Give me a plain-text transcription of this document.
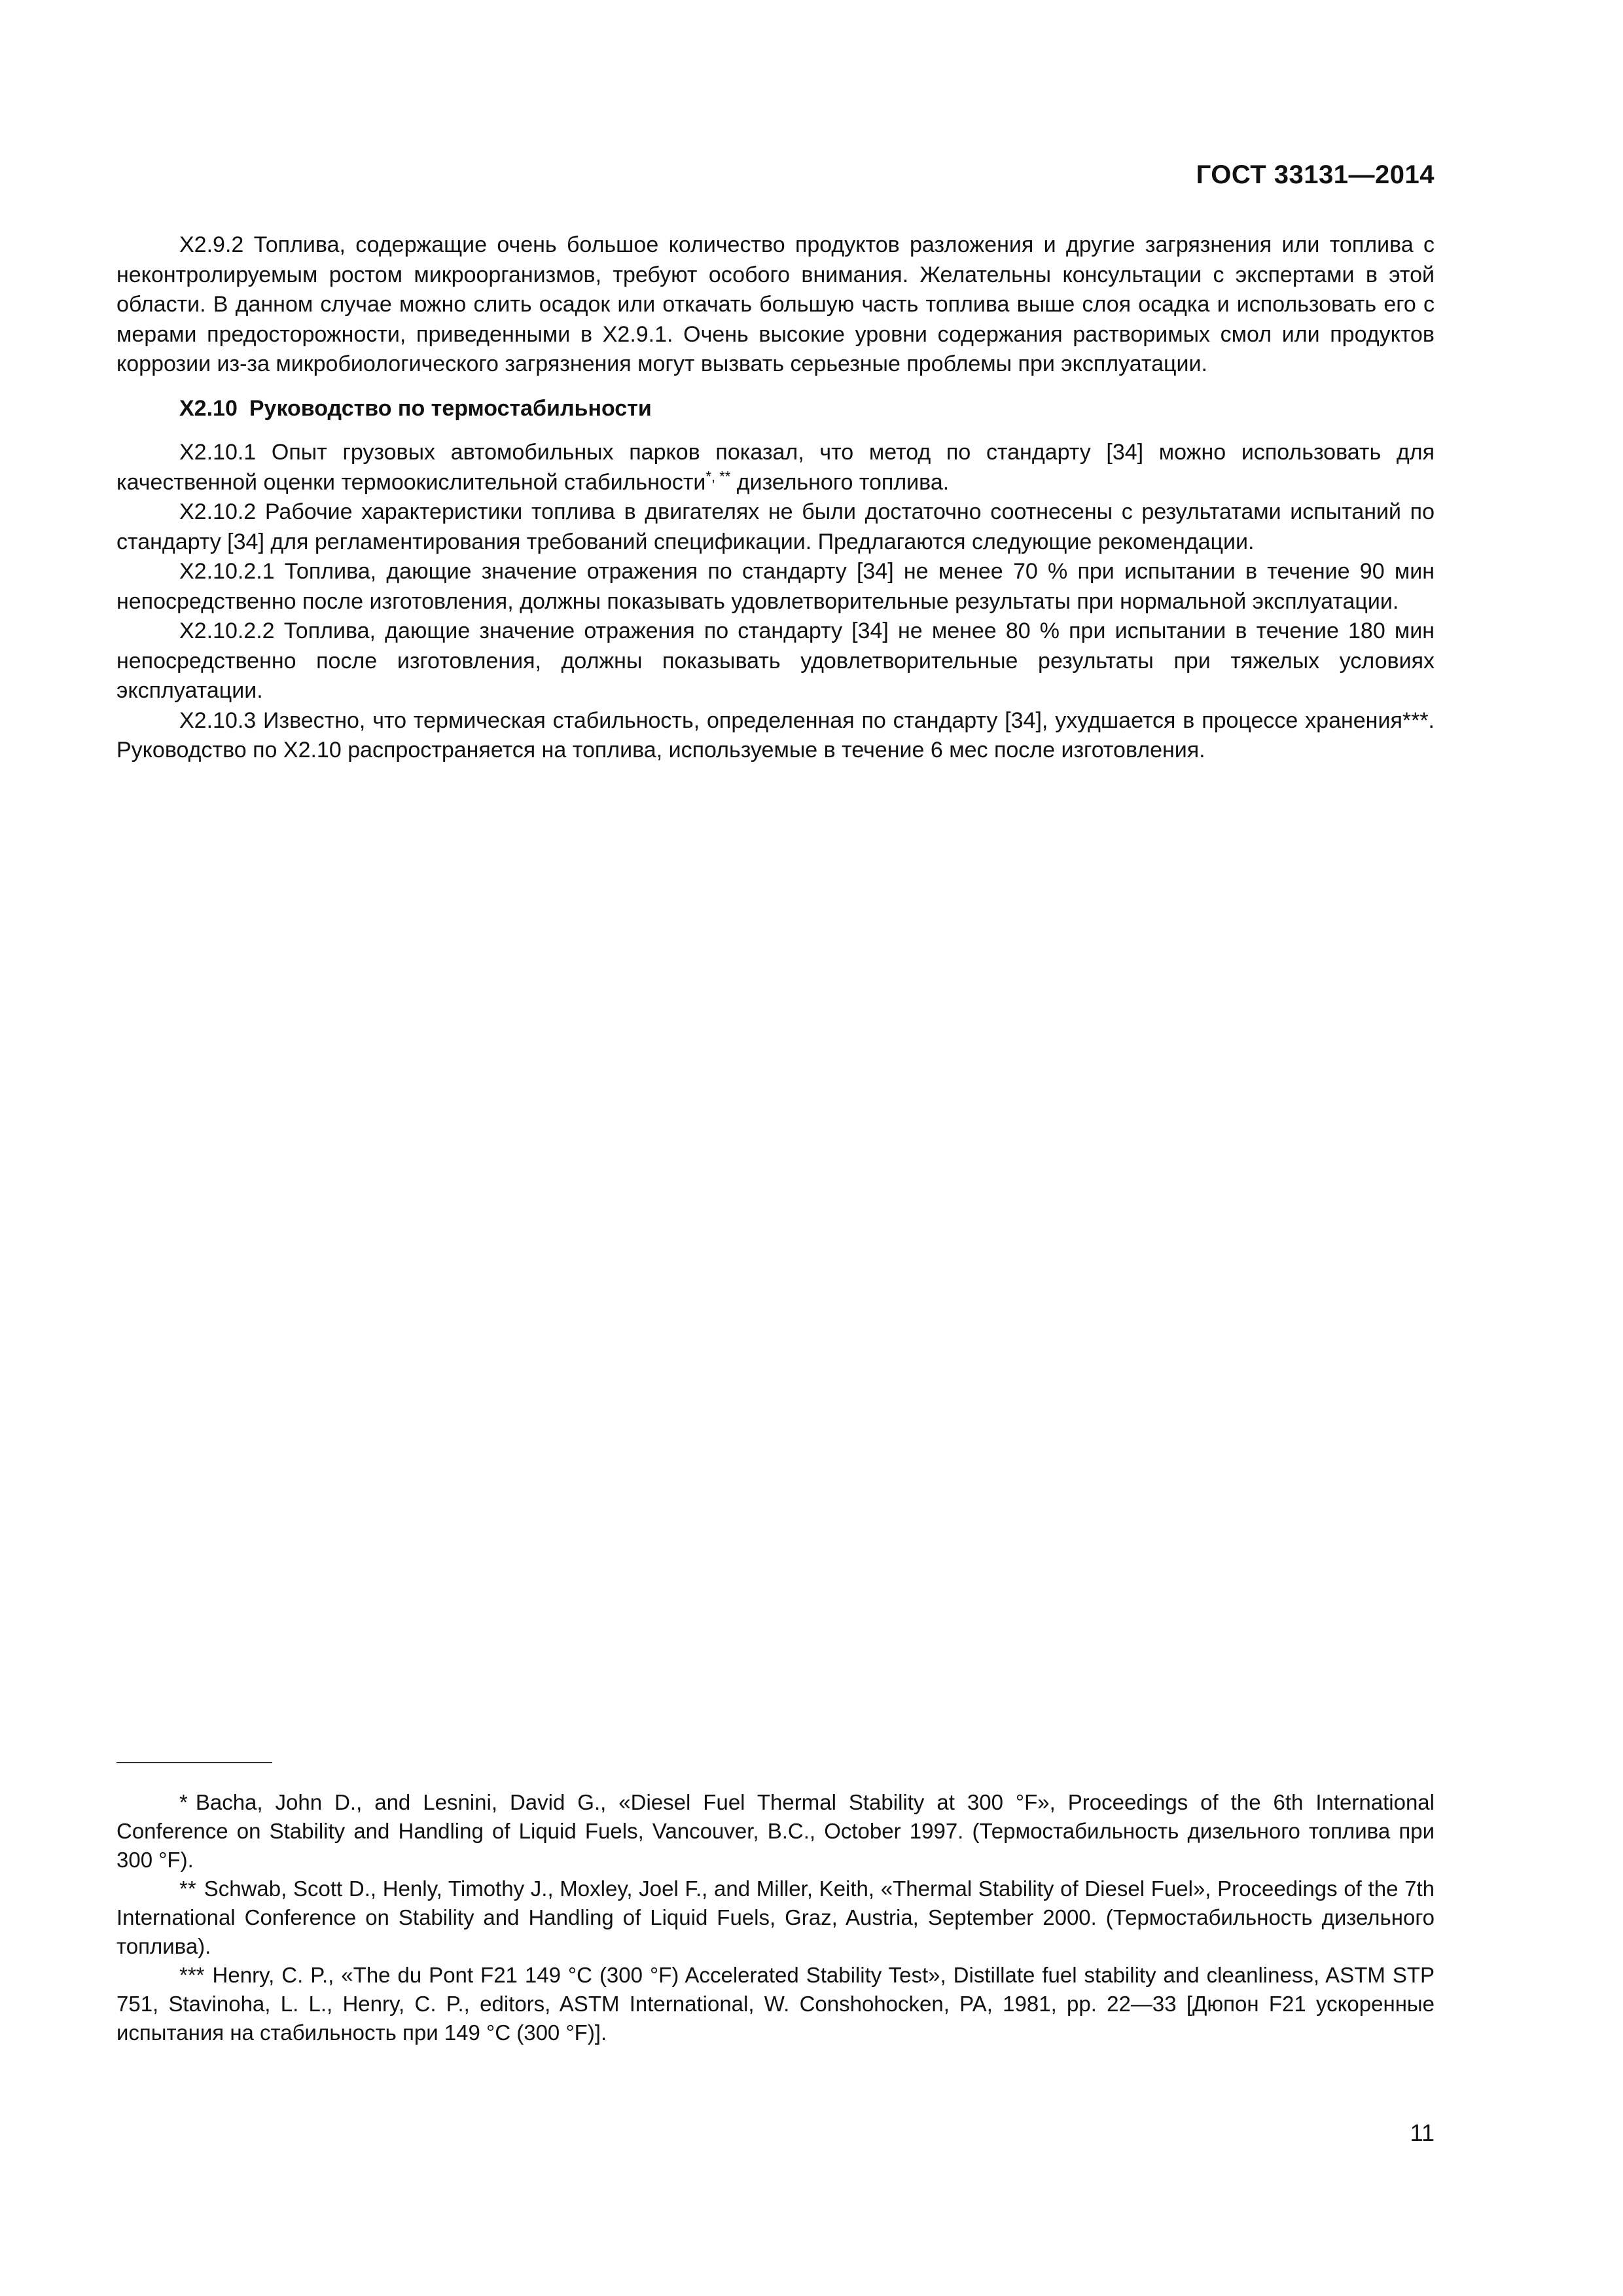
ГОСТ 33131—2014

X2.9.2 Топлива, содержащие очень большое количество продуктов разложения и другие загрязнения или топлива с неконтролируемым ростом микроорганизмов, требуют особого внимания. Желательны консультации с экспертами в этой области. В данном случае можно слить осадок или откачать большую часть топлива выше слоя осадка и использовать его с мерами предосторожности, приведенными в X2.9.1. Очень высокие уровни содержания растворимых смол или продуктов коррозии из-за микробиологического загрязнения могут вызвать серьезные проблемы при эксплуатации.

X2.10 Руководство по термостабильности

X2.10.1 Опыт грузовых автомобильных парков показал, что метод по стандарту [34] можно использовать для качественной оценки термоокислительной стабильности*, ** дизельного топлива.

X2.10.2 Рабочие характеристики топлива в двигателях не были достаточно соотнесены с результатами испытаний по стандарту [34] для регламентирования требований спецификации. Предлагаются следующие рекомендации.

X2.10.2.1 Топлива, дающие значение отражения по стандарту [34] не менее 70 % при испытании в течение 90 мин непосредственно после изготовления, должны показывать удовлетворительные результаты при нормальной эксплуатации.

X2.10.2.2 Топлива, дающие значение отражения по стандарту [34] не менее 80 % при испытании в течение 180 мин непосредственно после изготовления, должны показывать удовлетворительные результаты при тяжелых условиях эксплуатации.

X2.10.3 Известно, что термическая стабильность, определенная по стандарту [34], ухудшается в процессе хранения***. Руководство по X2.10 распространяется на топлива, используемые в течение 6 мес после изготовления.

* Bacha, John D., and Lesnini, David G., «Diesel Fuel Thermal Stability at 300 °F», Proceedings of the 6th International Conference on Stability and Handling of Liquid Fuels, Vancouver, B.C., October 1997. (Термостабильность дизельного топлива при 300 °F).

** Schwab, Scott D., Henly, Timothy J., Moxley, Joel F., and Miller, Keith, «Thermal Stability of Diesel Fuel», Proceedings of the 7th International Conference on Stability and Handling of Liquid Fuels, Graz, Austria, September 2000. (Термостабильность дизельного топлива).

*** Henry, C. P., «The du Pont F21 149 °C (300 °F) Accelerated Stability Test», Distillate fuel stability and cleanliness, ASTM STP 751, Stavinoha, L. L., Henry, C. P., editors, ASTM International, W. Conshohocken, PA, 1981, pp. 22—33 [Дюпон F21 ускоренные испытания на стабильность при 149 °C (300 °F)].

11
